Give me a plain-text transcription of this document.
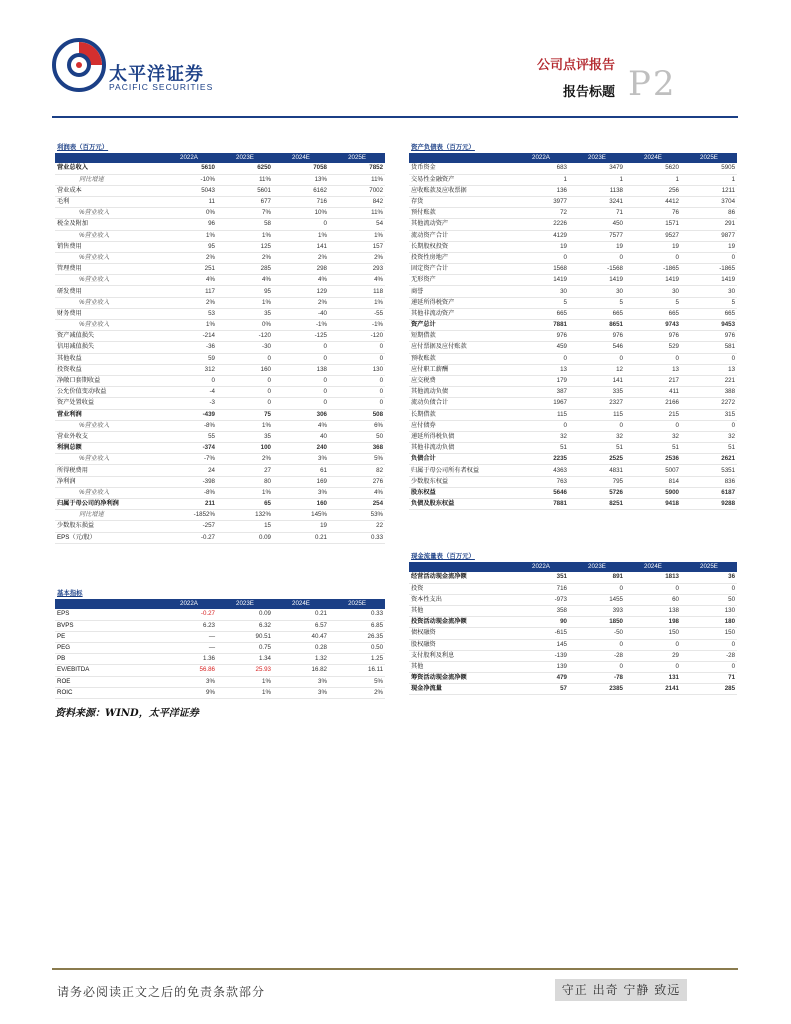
太平洋证券
PACIFIC SECURITIES
公司点评报告
报告标题 P2
利润表（百万元）				
	2022A	2023E	2024E	2025E
营业总收入	5610	6250	7058	7852
同比增速	-10%	11%	13%	11%
营业成本	5043	5601	6162	7002
毛利	11	677	716	842
%营业收入	0%	7%	10%	11%
税金及附加	96	58	0	54
%营业收入	1%	1%	1%	1%
销售费用	95	125	141	157
%营业收入	2%	2%	2%	2%
管理费用	251	285	298	293
%营业收入	4%	4%	4%	4%
研发费用	117	95	129	118
%营业收入	2%	1%	2%	1%
财务费用	53	35	-40	-55
%营业收入	1%	0%	-1%	-1%
资产减值损失	-214	-120	-125	-120
信用减值损失	-36	-30	0	0
其他收益	59	0	0	0
投资收益	312	160	138	130
净敞口套期收益	0	0	0	0
公允价值变动收益	-4	0	0	0
资产处置收益	-3	0	0	0
营业利润	-439	75	306	508
%营业收入	-8%	1%	4%	6%
营业外收支	55	35	40	50
利润总额	-374	100	240	368
%营业收入	-7%	2%	3%	5%
所得税费用	24	27	61	82
净利润	-398	80	169	276
%营业收入	-8%	1%	3%	4%
归属于母公司的净利润	211	65	160	254
同比增速	-1852%	132%	145%	53%
少数股东损益	-257	15	19	22
EPS（元/股）	-0.27	0.09	0.21	0.33
资产负债表（百万元）				
	2022A	2023E	2024E	2025E
货币资金	683	3479	5620	5905
交易性金融资产	1	1	1	1
应收账款及应收票据	136	1138	256	1211
存货	3977	3241	4412	3704
预付账款	72	71	76	86
其他流动资产	2226	450	1571	291
流动资产合计	4129	7577	9527	9877
长期股权投资	19	19	19	19
投资性房地产	0	0	0	0
固定资产合计	1568	-1568	-1865	-1865
无形资产	1419	1419	1419	1419
商誉	30	30	30	30
递延所得税资产	5	5	5	5
其他非流动资产	665	665	665	665
资产总计	7881	8651	9743	9453
短期借款	976	976	976	976
应付票据及应付账款	459	546	529	581
预收账款	0	0	0	0
应付职工薪酬	13	12	13	13
应交税费	179	141	217	221
其他流动负债	387	335	411	388
流动负债合计	1967	2327	2166	2272
长期借款	115	115	215	315
应付债券	0	0	0	0
递延所得税负债	32	32	32	32
其他非流动负债	51	51	51	51
负债合计	2235	2525	2536	2621
归属于母公司所有者权益	4363	4831	5007	5351
少数股东权益	763	795	814	836
股东权益	5646	5726	5900	6187
负债及股东权益	7881	8251	9418	9288
现金流量表（百万元）				
	2022A	2023E	2024E	2025E
经营活动现金流净额	351	891	1813	36
投资	716	0	0	0
资本性支出	-973	1455	60	50
其他	358	393	138	130
投资活动现金流净额	90	1850	198	180
债权融资	-615	-50	150	150
股权融资	145	0	0	0
支付股利及利息	-139	-28	29	-28
其他	139	0	0	0
筹资活动现金流净额	479	-78	131	71
现金净流量	57	2385	2141	285
基本指标				
	2022A	2023E	2024E	2025E
EPS	-0.27	0.09	0.21	0.33
BVPS	6.23	6.32	6.57	6.85
PE	—	90.51	40.47	26.35
PEG	—	0.75	0.28	0.50
PB	1.36	1.34	1.32	1.25
EV/EBITDA	56.86	25.93	16.82	16.11
ROE	3%	1%	3%	5%
ROIC	9%	1%	3%	2%
资料来源：WIND，太平洋证券
请务必阅读正文之后的免责条款部分	守正 出奇 宁静 致远
